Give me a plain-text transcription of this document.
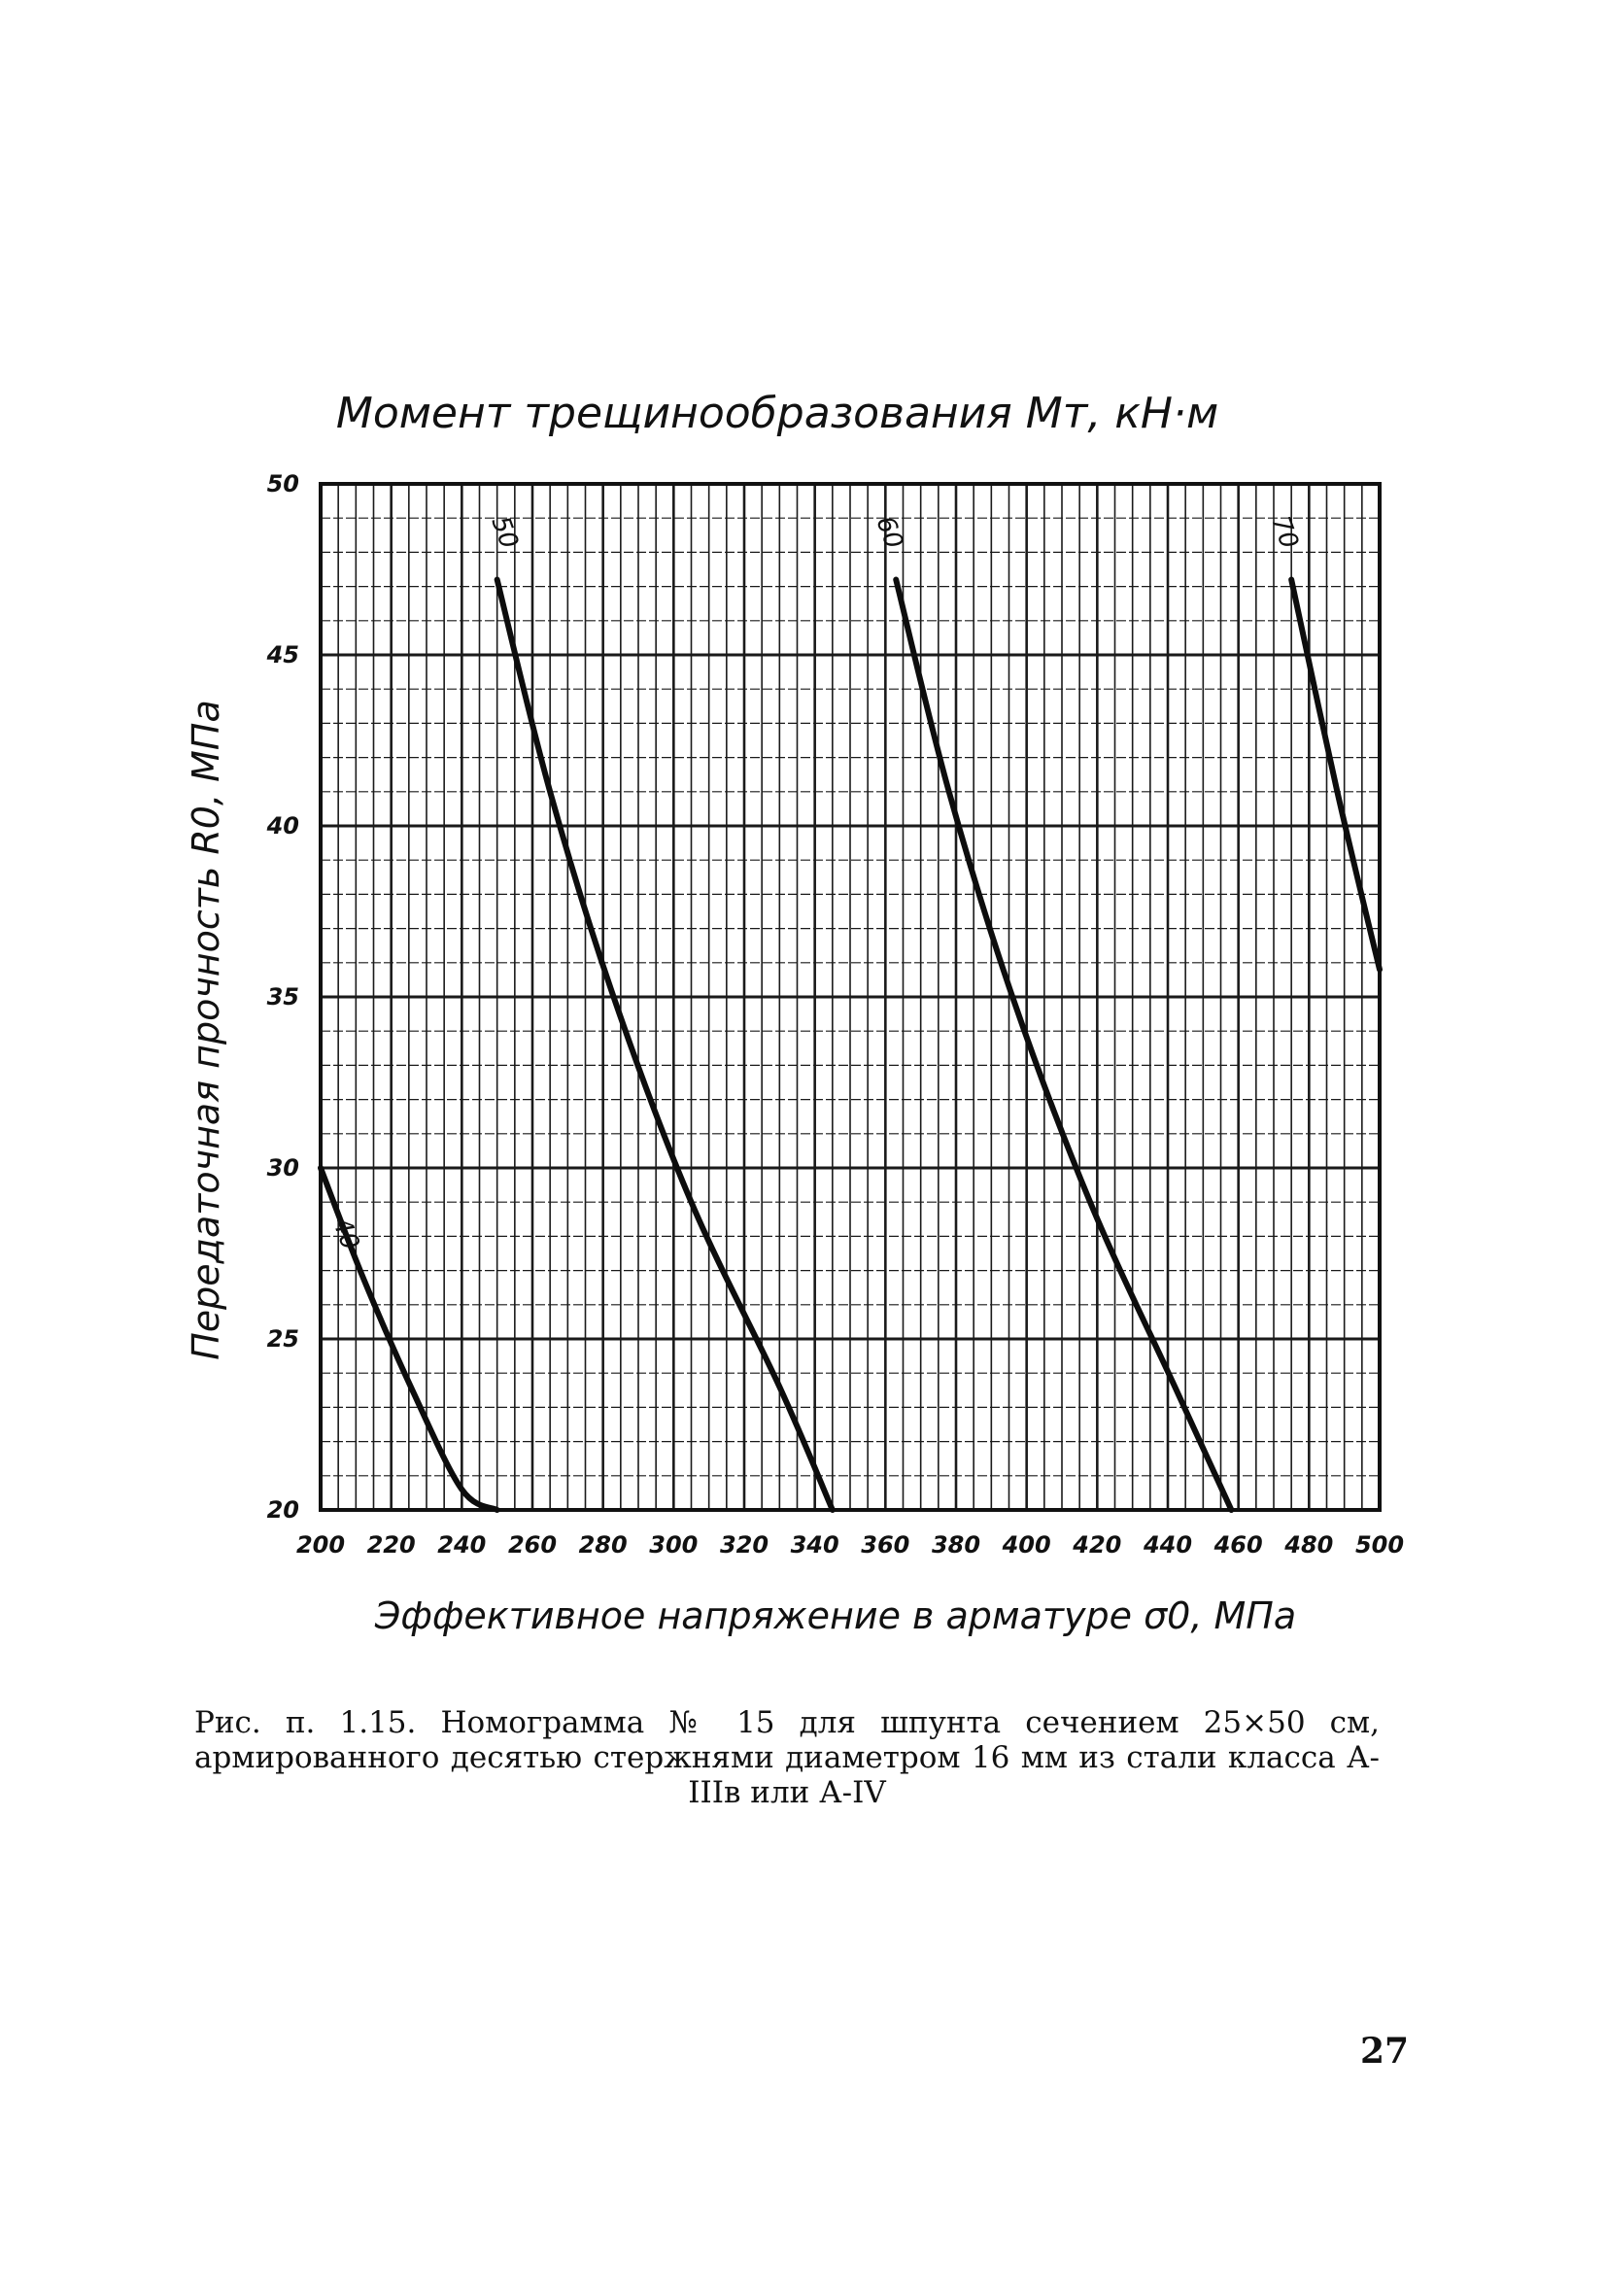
40
50	60	70
200 220 240 260 280 300 320 340 360 380 400 420 440 460 480 500
20
25
30
35
40
45
50
Момент трещинообразования Mт, кН·м
Эффективное напряжение в арматуре σ0, МПа
Передаточная прочность R0, МПа
Рис. п. 1.15. Номограмма № 15 для шпунта сечением 25×50 см, армированного десятью стержнями диаметром 16 мм из стали класса А-IIIв или А-IV
27
